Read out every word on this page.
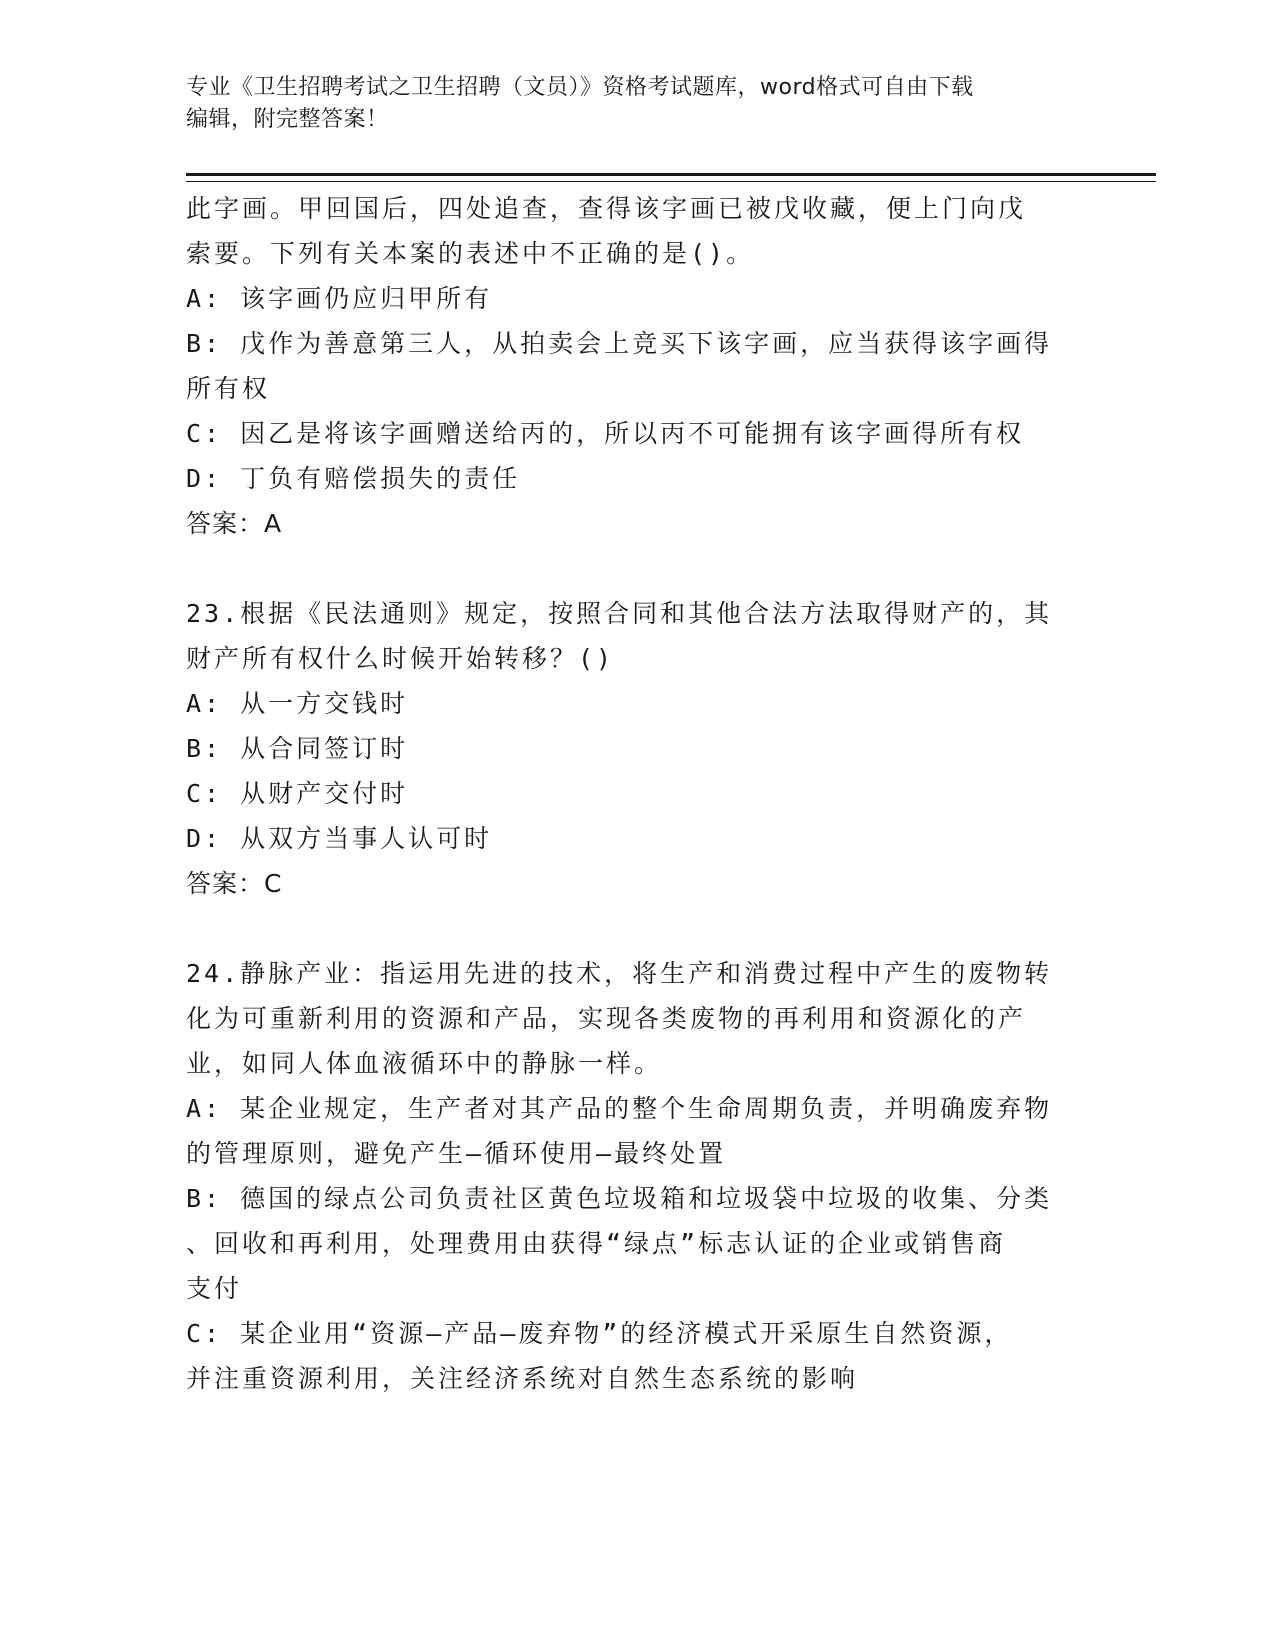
专业《卫生招聘考试之卫生招聘（文员）》资格考试题库，word格式可自由下载
编辑，附完整答案！
此字画。甲回国后，四处追查，查得该字画已被戊收藏，便上门向戊
索要。下列有关本案的表述中不正确的是()。
A: 该字画仍应归甲所有
B: 戊作为善意第三人，从拍卖会上竞买下该字画，应当获得该字画得
所有权
C: 因乙是将该字画赠送给丙的，所以丙不可能拥有该字画得所有权
D: 丁负有赔偿损失的责任
答案：A
23.根据《民法通则》规定，按照合同和其他合法方法取得财产的，其
财产所有权什么时候开始转移？()
A: 从一方交钱时
B: 从合同签订时
C: 从财产交付时
D: 从双方当事人认可时
答案：C
24.静脉产业：指运用先进的技术，将生产和消费过程中产生的废物转
化为可重新利用的资源和产品，实现各类废物的再利用和资源化的产
业，如同人体血液循环中的静脉一样。
A: 某企业规定，生产者对其产品的整个生命周期负责，并明确废弃物
的管理原则，避免产生—循环使用—最终处置
B: 德国的绿点公司负责社区黄色垃圾箱和垃圾袋中垃圾的收集、分类
、回收和再利用，处理费用由获得“绿点”标志认证的企业或销售商
支付
C: 某企业用“资源—产品—废弃物”的经济模式开采原生自然资源，
并注重资源利用，关注经济系统对自然生态系统的影响
